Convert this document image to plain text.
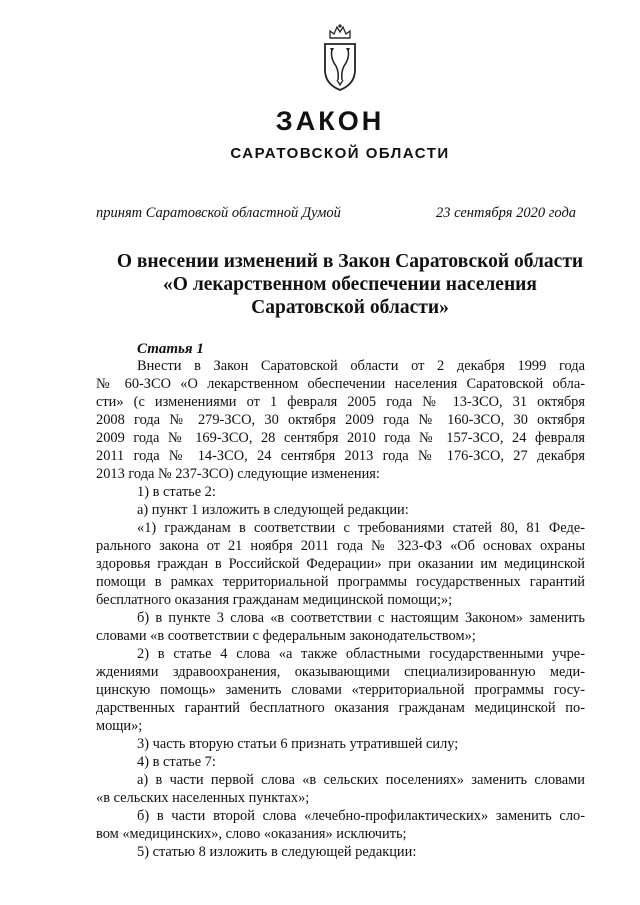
ЗАКОН
САРАТОВСКОЙ ОБЛАСТИ
принят Саратовской областной Думой	23 сентября 2020 года
О внесении изменений в Закон Саратовской области
«О лекарственном обеспечении населения
Саратовской области»
Статья 1
Внести в Закон Саратовской области от 2 декабря 1999 года
№ 60-ЗСО «О лекарственном обеспечении населения Саратовской обла-
сти» (с изменениями от 1 февраля 2005 года № 13-ЗСО, 31 октября
2008 года № 279-ЗСО, 30 октября 2009 года № 160-ЗСО, 30 октября
2009 года № 169-ЗСО, 28 сентября 2010 года № 157-ЗСО, 24 февраля
2011 года № 14-ЗСО, 24 сентября 2013 года № 176-ЗСО, 27 декабря
2013 года № 237-ЗСО) следующие изменения:
1) в статье 2:
а) пункт 1 изложить в следующей редакции:
«1) гражданам в соответствии с требованиями статей 80, 81 Феде-
рального закона от 21 ноября 2011 года № 323-ФЗ «Об основах охраны
здоровья граждан в Российской Федерации» при оказании им медицинской
помощи в рамках территориальной программы государственных гарантий
бесплатного оказания гражданам медицинской помощи;»;
б) в пункте 3 слова «в соответствии с настоящим Законом» заменить
словами «в соответствии с федеральным законодательством»;
2) в статье 4 слова «а также областными государственными учре-
ждениями здравоохранения, оказывающими специализированную меди-
цинскую помощь» заменить словами «территориальной программы госу-
дарственных гарантий бесплатного оказания гражданам медицинской по-
мощи»;
3) часть вторую статьи 6 признать утратившей силу;
4) в статье 7:
а) в части первой слова «в сельских поселениях» заменить словами
«в сельских населенных пунктах»;
б) в части второй слова «лечебно-профилактических» заменить сло-
вом «медицинских», слово «оказания» исключить;
5) статью 8 изложить в следующей редакции:
